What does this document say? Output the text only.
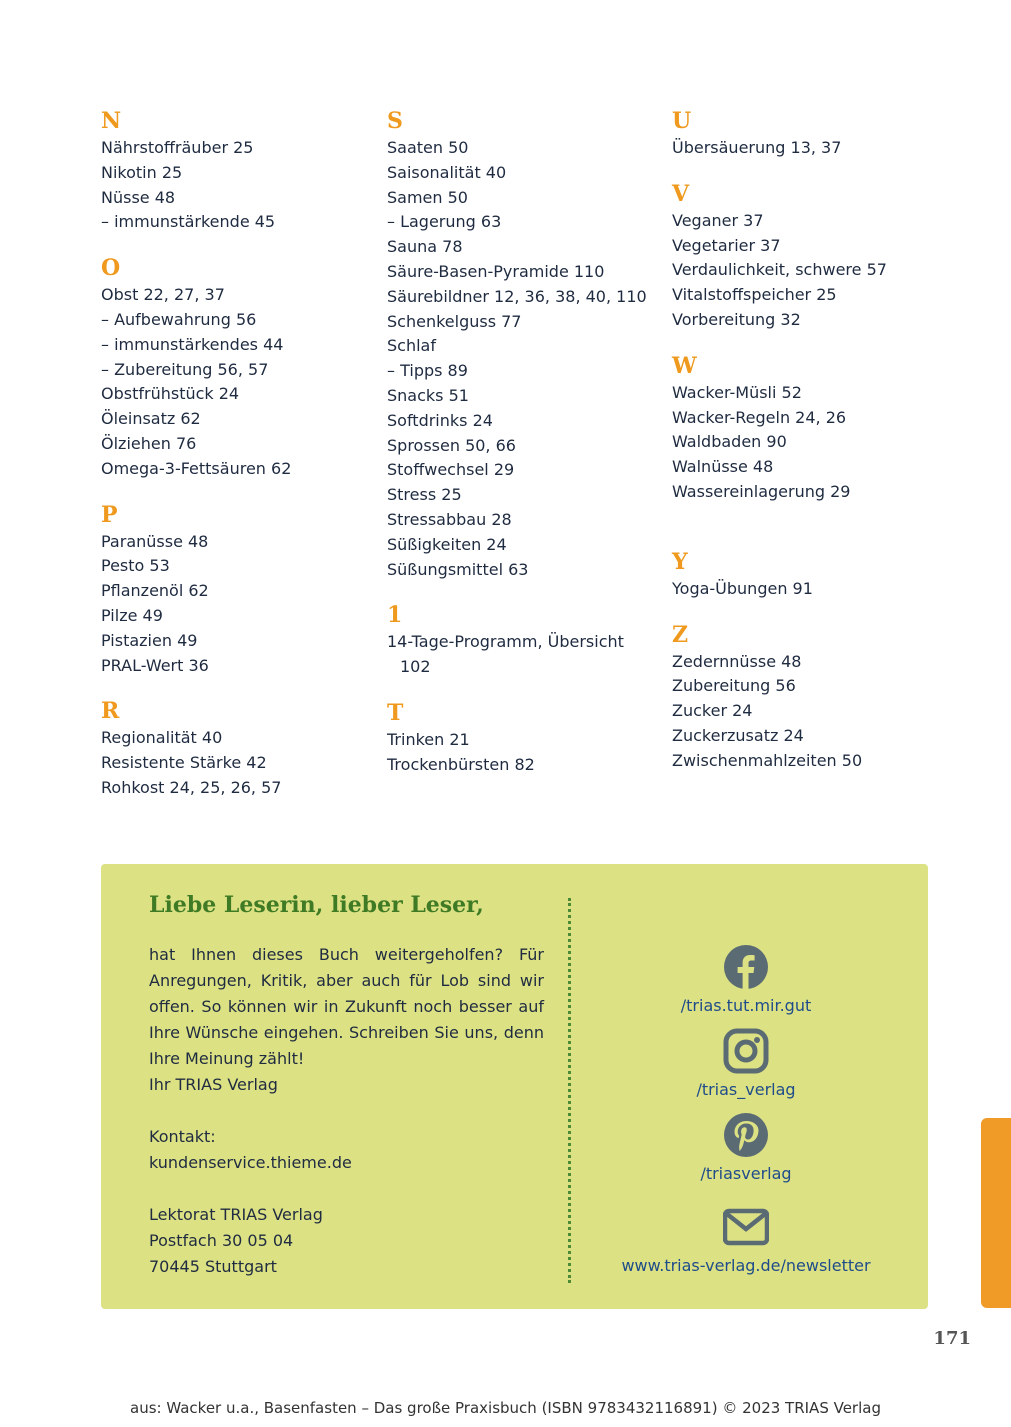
N
Nährstoffräuber 25
Nikotin 25
Nüsse 48
– immunstärkende 45
O
Obst 22, 27, 37
– Aufbewahrung 56
– immunstärkendes 44
– Zubereitung 56, 57
Obstfrühstück 24
Öleinsatz 62
Ölziehen 76
Omega-3-Fettsäuren 62
P
Paranüsse 48
Pesto 53
Pflanzenöl 62
Pilze 49
Pistazien 49
PRAL-Wert 36
R
Regionalität 40
Resistente Stärke 42
Rohkost 24, 25, 26, 57
S
Saaten 50
Saisonalität 40
Samen 50
– Lagerung 63
Sauna 78
Säure-Basen-Pyramide 110
Säurebildner 12, 36, 38, 40, 110
Schenkelguss 77
Schlaf
– Tipps 89
Snacks 51
Softdrinks 24
Sprossen 50, 66
Stoffwechsel 29
Stress 25
Stressabbau 28
Süßigkeiten 24
Süßungsmittel 63
1
14-Tage-Programm, Übersicht 102
T
Trinken 21
Trockenbürsten 82
U
Übersäuerung 13, 37
V
Veganer 37
Vegetarier 37
Verdaulichkeit, schwere 57
Vitalstoffspeicher 25
Vorbereitung 32
W
Wacker-Müsli 52
Wacker-Regeln 24, 26
Waldbaden 90
Walnüsse 48
Wassereinlagerung 29
Y
Yoga-Übungen 91
Z
Zedernnüsse 48
Zubereitung 56
Zucker 24
Zuckerzusatz 24
Zwischenmahlzeiten 50
Liebe Leserin, lieber Leser,
hat Ihnen dieses Buch weitergeholfen? Für Anregungen, Kritik, aber auch für Lob sind wir offen. So können wir in Zukunft noch besser auf Ihre Wünsche eingehen. Schreiben Sie uns, denn Ihre Meinung zählt!
Ihr TRIAS Verlag
Kontakt:
kundenservice.thieme.de
Lektorat TRIAS Verlag
Postfach 30 05 04
70445 Stuttgart
/trias.tut.mir.gut
/trias_verlag
/triasverlag
www.trias-verlag.de/newsletter
171
aus: Wacker u.a., Basenfasten – Das große Praxisbuch (ISBN 9783432116891) © 2023 TRIAS Verlag
